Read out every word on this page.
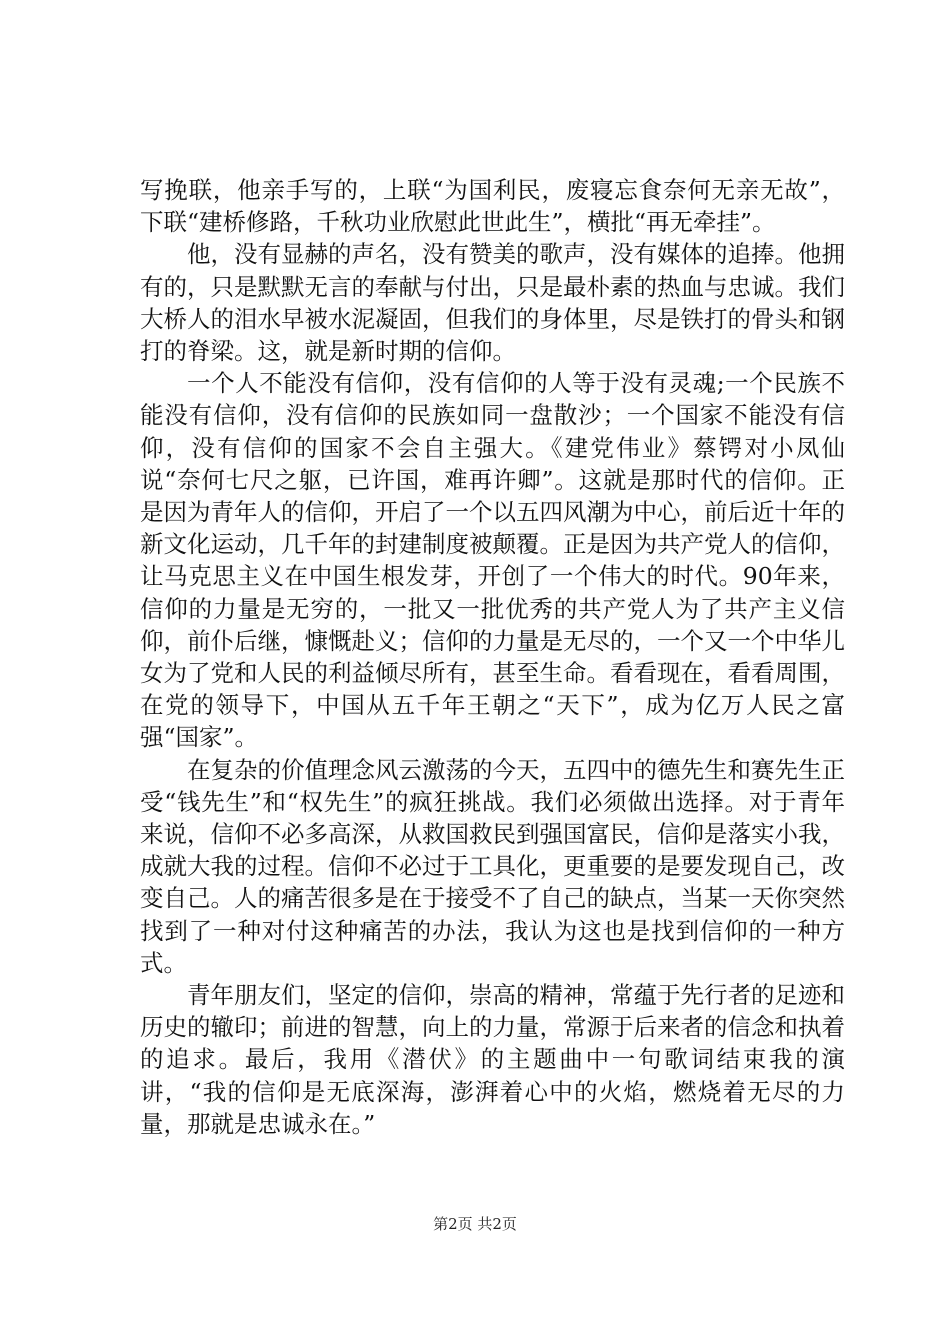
写挽联，他亲手写的，上联“为国利民，废寝忘食奈何无亲无故”，下联“建桥修路，千秋功业欣慰此世此生”，横批“再无牵挂”。

他，没有显赫的声名，没有赞美的歌声，没有媒体的追捧。他拥有的，只是默默无言的奉献与付出，只是最朴素的热血与忠诚。我们大桥人的泪水早被水泥凝固，但我们的身体里，尽是铁打的骨头和钢打的脊梁。这，就是新时期的信仰。

一个人不能没有信仰，没有信仰的人等于没有灵魂;一个民族不能没有信仰，没有信仰的民族如同一盘散沙；一个国家不能没有信仰，没有信仰的国家不会自主强大。《建党伟业》蔡锷对小凤仙说“奈何七尺之躯，已许国，难再许卿”。这就是那时代的信仰。正是因为青年人的信仰，开启了一个以五四风潮为中心，前后近十年的新文化运动，几千年的封建制度被颠覆。正是因为共产党人的信仰，让马克思主义在中国生根发芽，开创了一个伟大的时代。90年来，信仰的力量是无穷的，一批又一批优秀的共产党人为了共产主义信仰，前仆后继，慷慨赴义；信仰的力量是无尽的，一个又一个中华儿女为了党和人民的利益倾尽所有，甚至生命。看看现在，看看周围，在党的领导下，中国从五千年王朝之“天下”，成为亿万人民之富强“国家”。

在复杂的价值理念风云激荡的今天，五四中的德先生和赛先生正受“钱先生”和“权先生”的疯狂挑战。我们必须做出选择。对于青年来说，信仰不必多高深，从救国救民到强国富民，信仰是落实小我，成就大我的过程。信仰不必过于工具化，更重要的是要发现自己，改变自己。人的痛苦很多是在于接受不了自己的缺点，当某一天你突然找到了一种对付这种痛苦的办法，我认为这也是找到信仰的一种方式。

青年朋友们，坚定的信仰，崇高的精神，常蕴于先行者的足迹和历史的辙印；前进的智慧，向上的力量，常源于后来者的信念和执着的追求。最后，我用《潜伏》的主题曲中一句歌词结束我的演讲，“我的信仰是无底深海，澎湃着心中的火焰，燃烧着无尽的力量，那就是忠诚永在。”

第2页 共2页
